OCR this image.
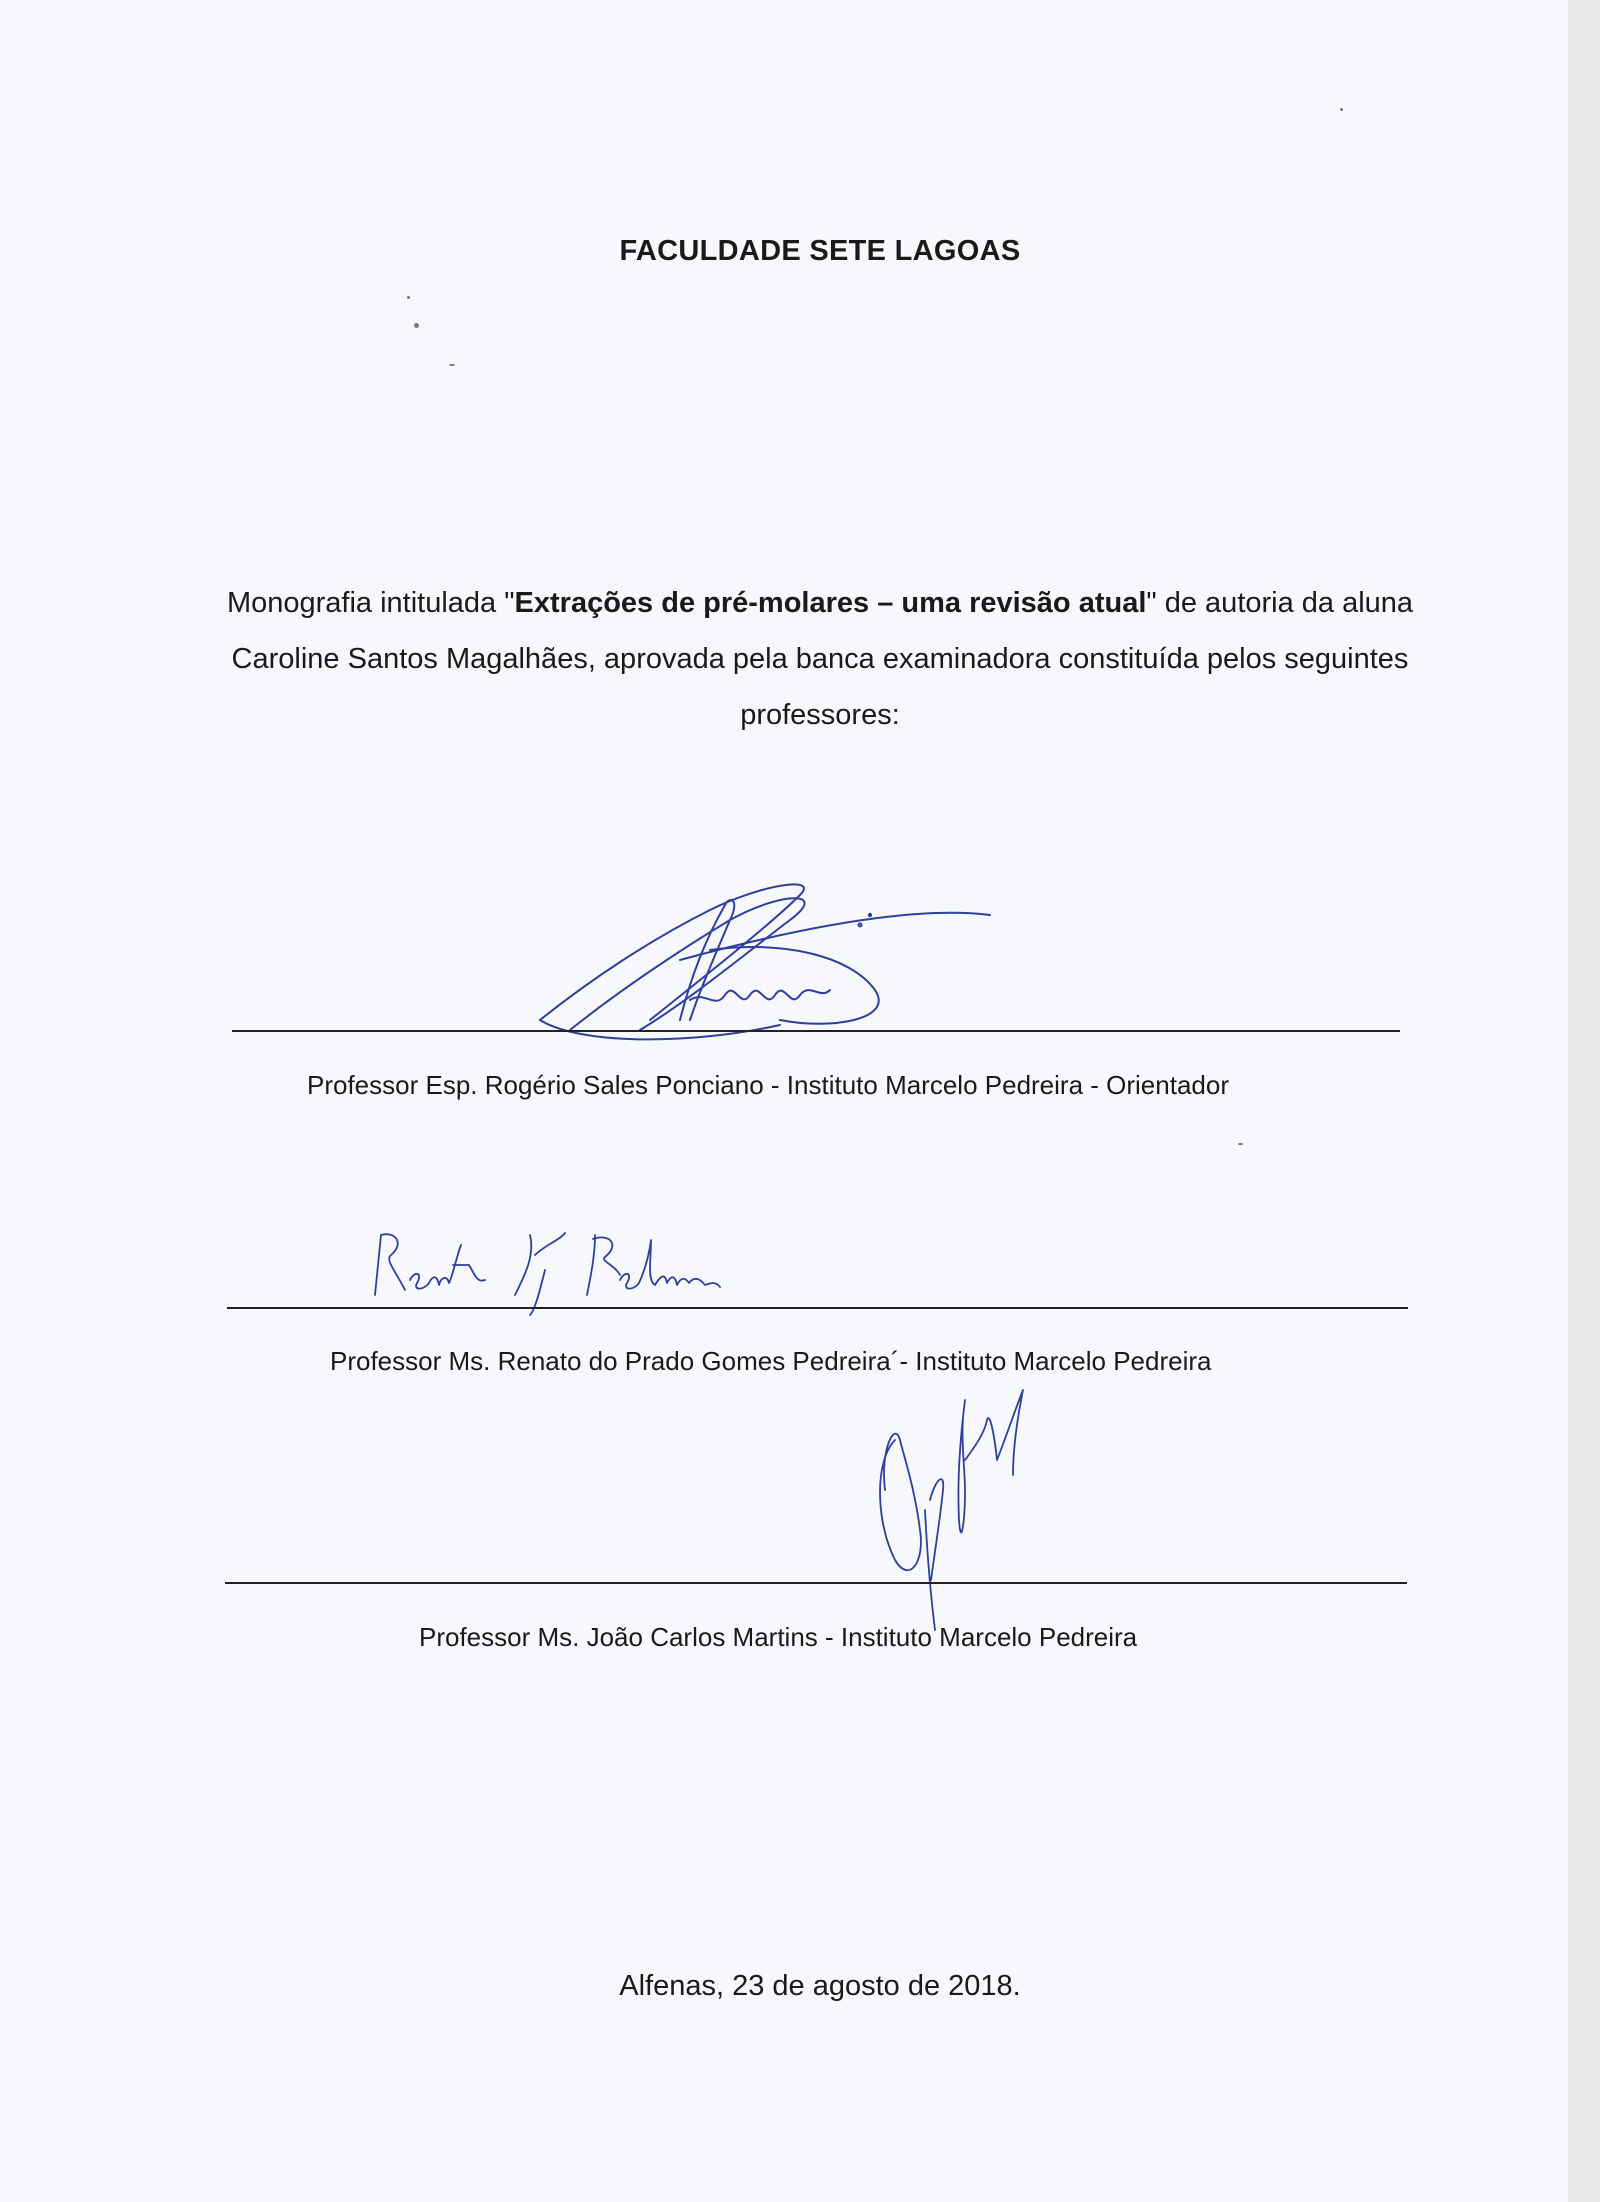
FACULDADE SETE LAGOAS
Monografia intitulada "Extrações de pré-molares – uma revisão atual" de autoria da aluna Caroline Santos Magalhães, aprovada pela banca examinadora constituída pelos seguintes professores:
Professor Esp. Rogério Sales Ponciano - Instituto Marcelo Pedreira - Orientador
Professor Ms. Renato do Prado Gomes Pedreira´- Instituto Marcelo Pedreira
Professor Ms. João Carlos Martins - Instituto Marcelo Pedreira
Alfenas, 23 de agosto de 2018.
